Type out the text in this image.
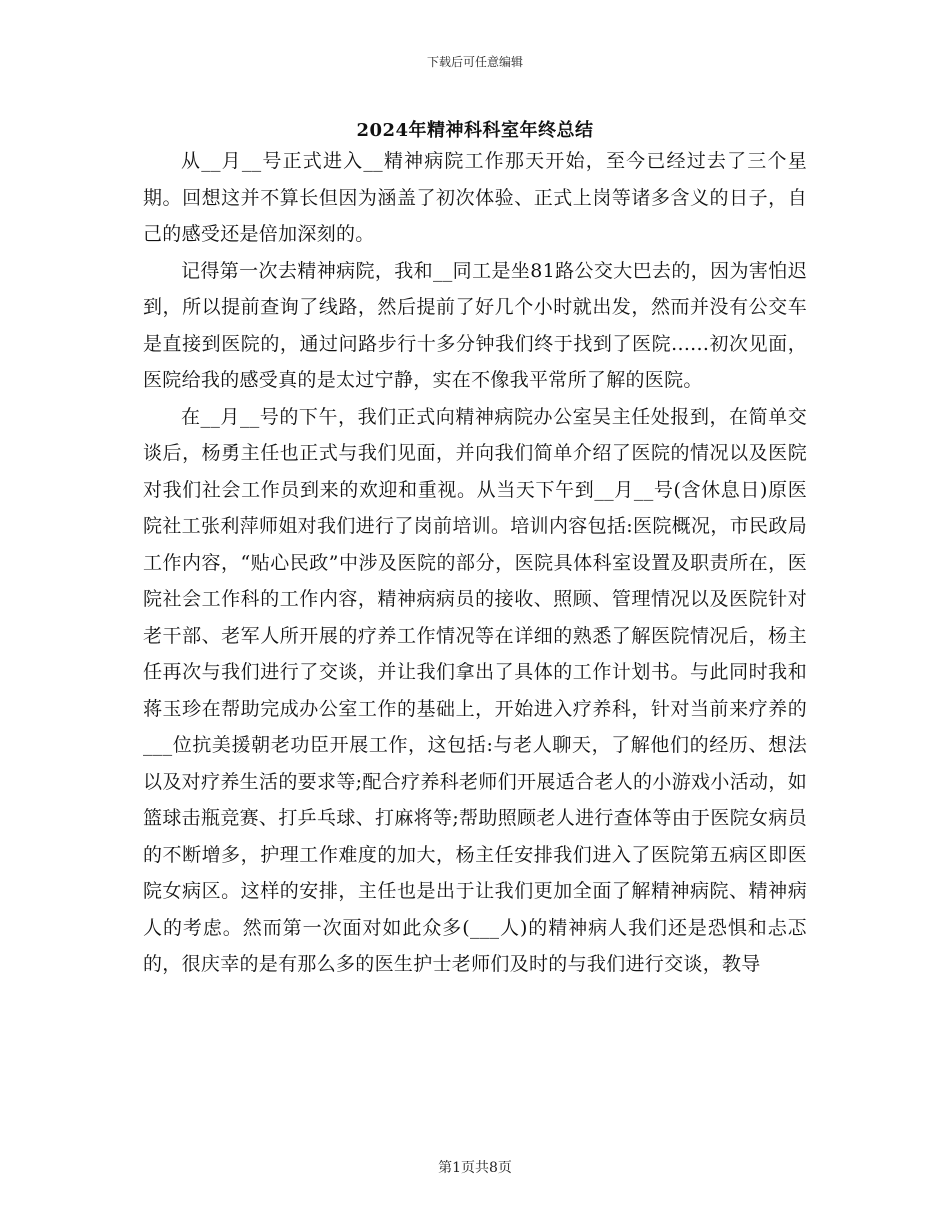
下载后可任意编辑
2024年精神科科室年终总结

从__月__号正式进入__精神病院工作那天开始，至今已经过去了三个星期。回想这并不算长但因为涵盖了初次体验、正式上岗等诸多含义的日子，自己的感受还是倍加深刻的。

记得第一次去精神病院，我和__同工是坐81路公交大巴去的，因为害怕迟到，所以提前查询了线路，然后提前了好几个小时就出发，然而并没有公交车是直接到医院的，通过问路步行十多分钟我们终于找到了医院......初次见面，医院给我的感受真的是太过宁静，实在不像我平常所了解的医院。

在__月__号的下午，我们正式向精神病院办公室吴主任处报到，在简单交谈后，杨勇主任也正式与我们见面，并向我们简单介绍了医院的情况以及医院对我们社会工作员到来的欢迎和重视。从当天下午到__月__号(含休息日)原医院社工张利萍师姐对我们进行了岗前培训。培训内容包括:医院概况，市民政局工作内容，“贴心民政”中涉及医院的部分，医院具体科室设置及职责所在，医院社会工作科的工作内容，精神病病员的接收、照顾、管理情况以及医院针对老干部、老军人所开展的疗养工作情况等在详细的熟悉了解医院情况后，杨主任再次与我们进行了交谈，并让我们拿出了具体的工作计划书。与此同时我和蒋玉珍在帮助完成办公室工作的基础上，开始进入疗养科，针对当前来疗养的___位抗美援朝老功臣开展工作，这包括:与老人聊天，了解他们的经历、想法以及对疗养生活的要求等;配合疗养科老师们开展适合老人的小游戏小活动，如篮球击瓶竞赛、打乒乓球、打麻将等;帮助照顾老人进行查体等由于医院女病员的不断增多，护理工作难度的加大，杨主任安排我们进入了医院第五病区即医院女病区。这样的安排，主任也是出于让我们更加全面了解精神病院、精神病人的考虑。然而第一次面对如此众多(___人)的精神病人我们还是恐惧和忐忑的，很庆幸的是有那么多的医生护士老师们及时的与我们进行交谈，教导

第1页共8页
